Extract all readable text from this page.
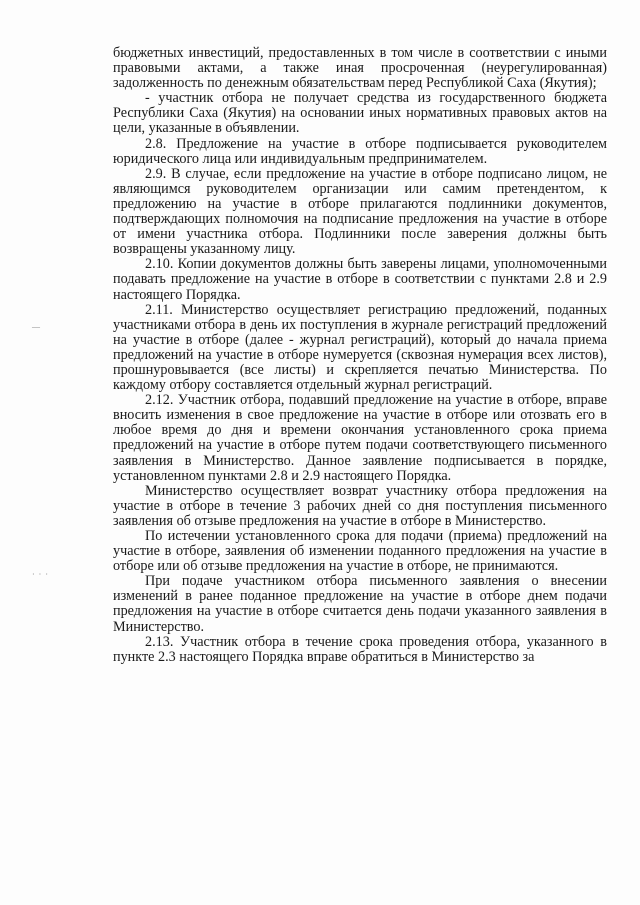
—
· · ·

бюджетных инвестиций, предоставленных в том числе в соответствии с иными правовыми актами, а также иная просроченная (неурегулированная) задолженность по денежным обязательствам перед Республикой Саха (Якутия);

- участник отбора не получает средства из государственного бюджета Республики Саха (Якутия) на основании иных нормативных правовых актов на цели, указанные в объявлении.

2.8. Предложение на участие в отборе подписывается руководителем юридического лица или индивидуальным предпринимателем.

2.9. В случае, если предложение на участие в отборе подписано лицом, не являющимся руководителем организации или самим претендентом, к предложению на участие в отборе прилагаются подлинники документов, подтверждающих полномочия на подписание предложения на участие в отборе от имени участника отбора. Подлинники после заверения должны быть возвращены указанному лицу.

2.10. Копии документов должны быть заверены лицами, уполномоченными подавать предложение на участие в отборе в соответствии с пунктами 2.8 и 2.9 настоящего Порядка.

2.11. Министерство осуществляет регистрацию предложений, поданных участниками отбора в день их поступления в журнале регистраций предложений на участие в отборе (далее - журнал регистраций), который до начала приема предложений на участие в отборе нумеруется (сквозная нумерация всех листов), прошнуровывается (все листы) и скрепляется печатью Министерства. По каждому отбору составляется отдельный журнал регистраций.

2.12. Участник отбора, подавший предложение на участие в отборе, вправе вносить изменения в свое предложение на участие в отборе или отозвать его в любое время до дня и времени окончания установленного срока приема предложений на участие в отборе путем подачи соответствующего письменного заявления в Министерство. Данное заявление подписывается в порядке, установленном пунктами 2.8 и 2.9 настоящего Порядка.

Министерство осуществляет возврат участнику отбора предложения на участие в отборе в течение 3 рабочих дней со дня поступления письменного заявления об отзыве предложения на участие в отборе в Министерство.

По истечении установленного срока для подачи (приема) предложений на участие в отборе, заявления об изменении поданного предложения на участие в отборе или об отзыве предложения на участие в отборе, не принимаются.

При подаче участником отбора письменного заявления о внесении изменений в ранее поданное предложение на участие в отборе днем подачи предложения на участие в отборе считается день подачи указанного заявления в Министерство.

2.13. Участник отбора в течение срока проведения отбора, указанного в пункте 2.3 настоящего Порядка вправе обратиться в Министерство за
